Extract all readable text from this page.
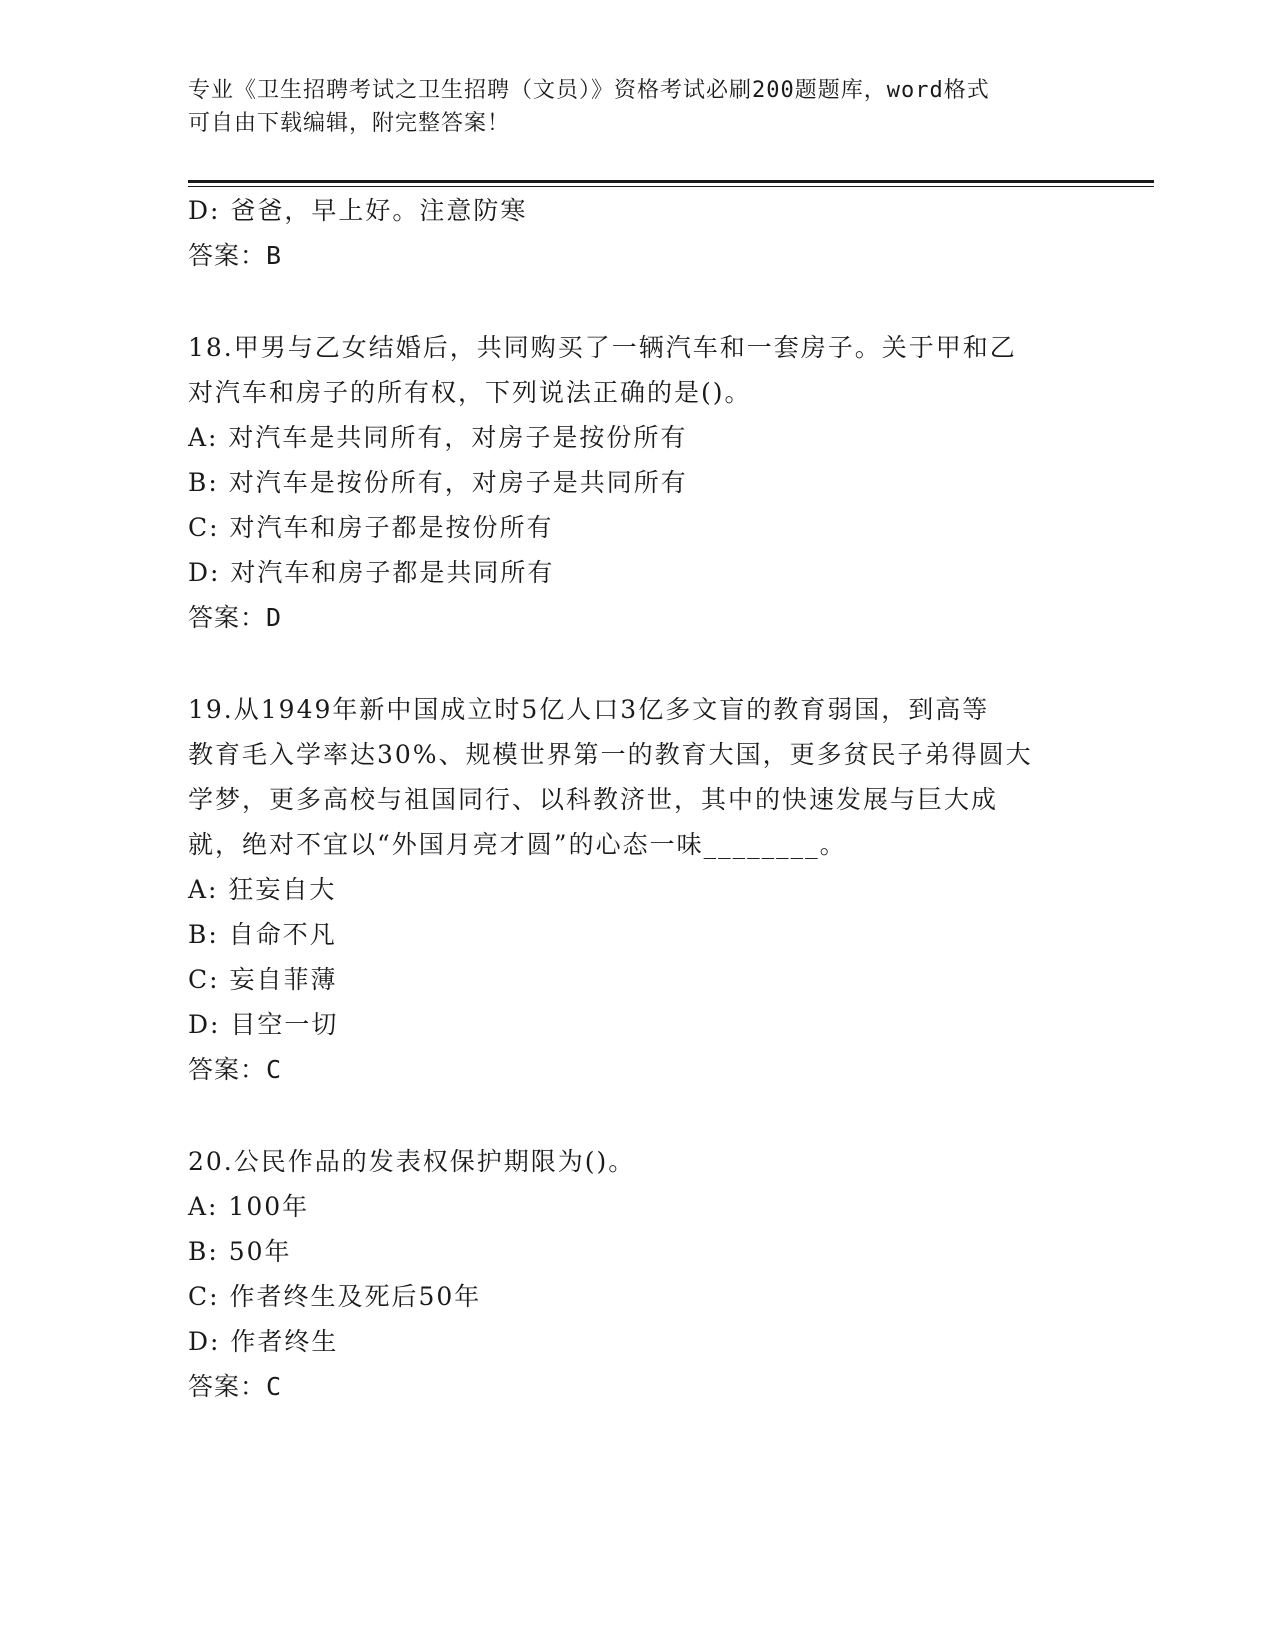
专业《卫生招聘考试之卫生招聘（文员）》资格考试必刷200题题库，word格式
可自由下载编辑，附完整答案！
D: 爸爸，早上好。注意防寒
答案：B
18.甲男与乙女结婚后，共同购买了一辆汽车和一套房子。关于甲和乙
对汽车和房子的所有权，下列说法正确的是()。
A: 对汽车是共同所有，对房子是按份所有
B: 对汽车是按份所有，对房子是共同所有
C: 对汽车和房子都是按份所有
D: 对汽车和房子都是共同所有
答案：D
19.从1949年新中国成立时5亿人口3亿多文盲的教育弱国，到高等
教育毛入学率达30%、规模世界第一的教育大国，更多贫民子弟得圆大
学梦，更多高校与祖国同行、以科教济世，其中的快速发展与巨大成
就，绝对不宜以“外国月亮才圆”的心态一味________。
A: 狂妄自大
B: 自命不凡
C: 妄自菲薄
D: 目空一切
答案：C
20.公民作品的发表权保护期限为()。
A: 100年
B: 50年
C: 作者终生及死后50年
D: 作者终生
答案：C
